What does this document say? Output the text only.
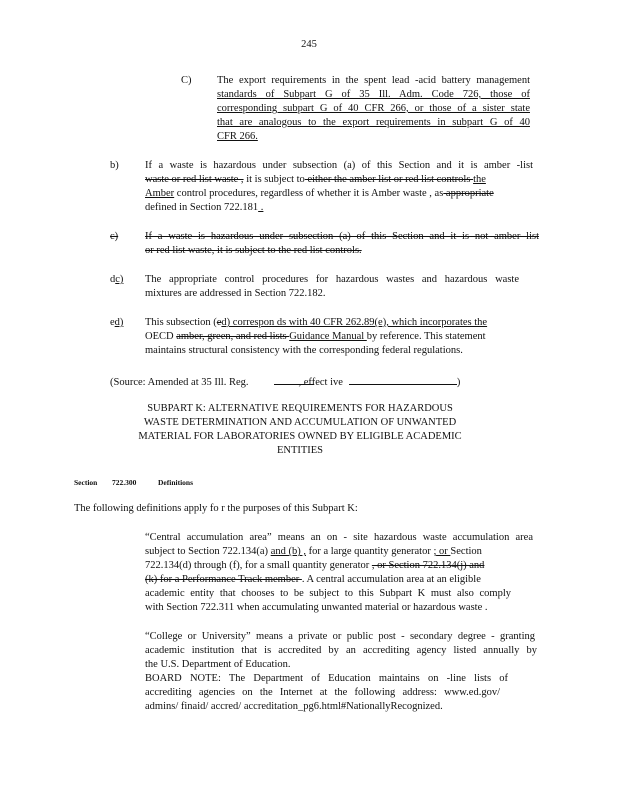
245
C) The export requirements in the spent lead -acid battery management
standards of Subpart G of 35 Ill. Adm. Code 726, those of
corresponding subpart G of 40 CFR 266, or those of a sister state
that are analogous to the export requirements in subpart G of 40
CFR 266.
b)	If a waste is hazardous under subsection (a) of this Section and it is amber -list
waste or red list waste , it is subject to either the amber list or red list controls the
Amber control procedures, regardless of whether it is Amber waste , as appropriate
defined in Section 722.181 .
c)	If a waste is hazardous under subsection (a) of this Section and it is not amber list
or red list waste, it is subject to the red list controls.
dc) The appropriate control procedures for hazardous wastes and hazardous waste
mixtures are addressed in Section 722.182.
ed) This subsection (ed) correspon ds with 40 CFR 262.89(e), which incorporates the
OECD amber, green, and red lists Guidance Manual by reference. This statement
maintains structural consistency with the corresponding federal regulations.
(Source: Amended at 35 Ill. Reg.	, effect ive	)
SUBPART K: ALTERNATIVE REQUIREMENTS FOR HAZARDOUS
WASTE DETERMINATION AND ACCUMULATION OF UNWANTED
MATERIAL FOR LABORATORIES OWNED BY ELIGIBLE ACADEMIC
ENTITIES
Section 722.300	Definitions
The following definitions apply fo r the purposes of this Subpart K:
“Central accumulation area” means an on - site hazardous waste accumulation area
subject to Section 722.134(a) and (b) , for a large quantity generator ; or Section
722.134(d) through (f), for a small quantity generator , or Section 722.134(j) and
(k) for a Performance Track member . A central accumulation area at an eligible
academic entity that chooses to be subject to this Subpart K must also comply
with Section 722.311 when accumulating unwanted material or hazardous waste .
“College or University” means a private or public post - secondary degree - granting
academic institution that is accredited by an accrediting agency listed annually by
the U.S. Department of Education.
BOARD NOTE: The Department of Education maintains on -line lists of
accrediting agencies on the Internet at the following address: www.ed.gov/
admins/ finaid/ accred/ accreditation_pg6.html#NationallyRecognized.
